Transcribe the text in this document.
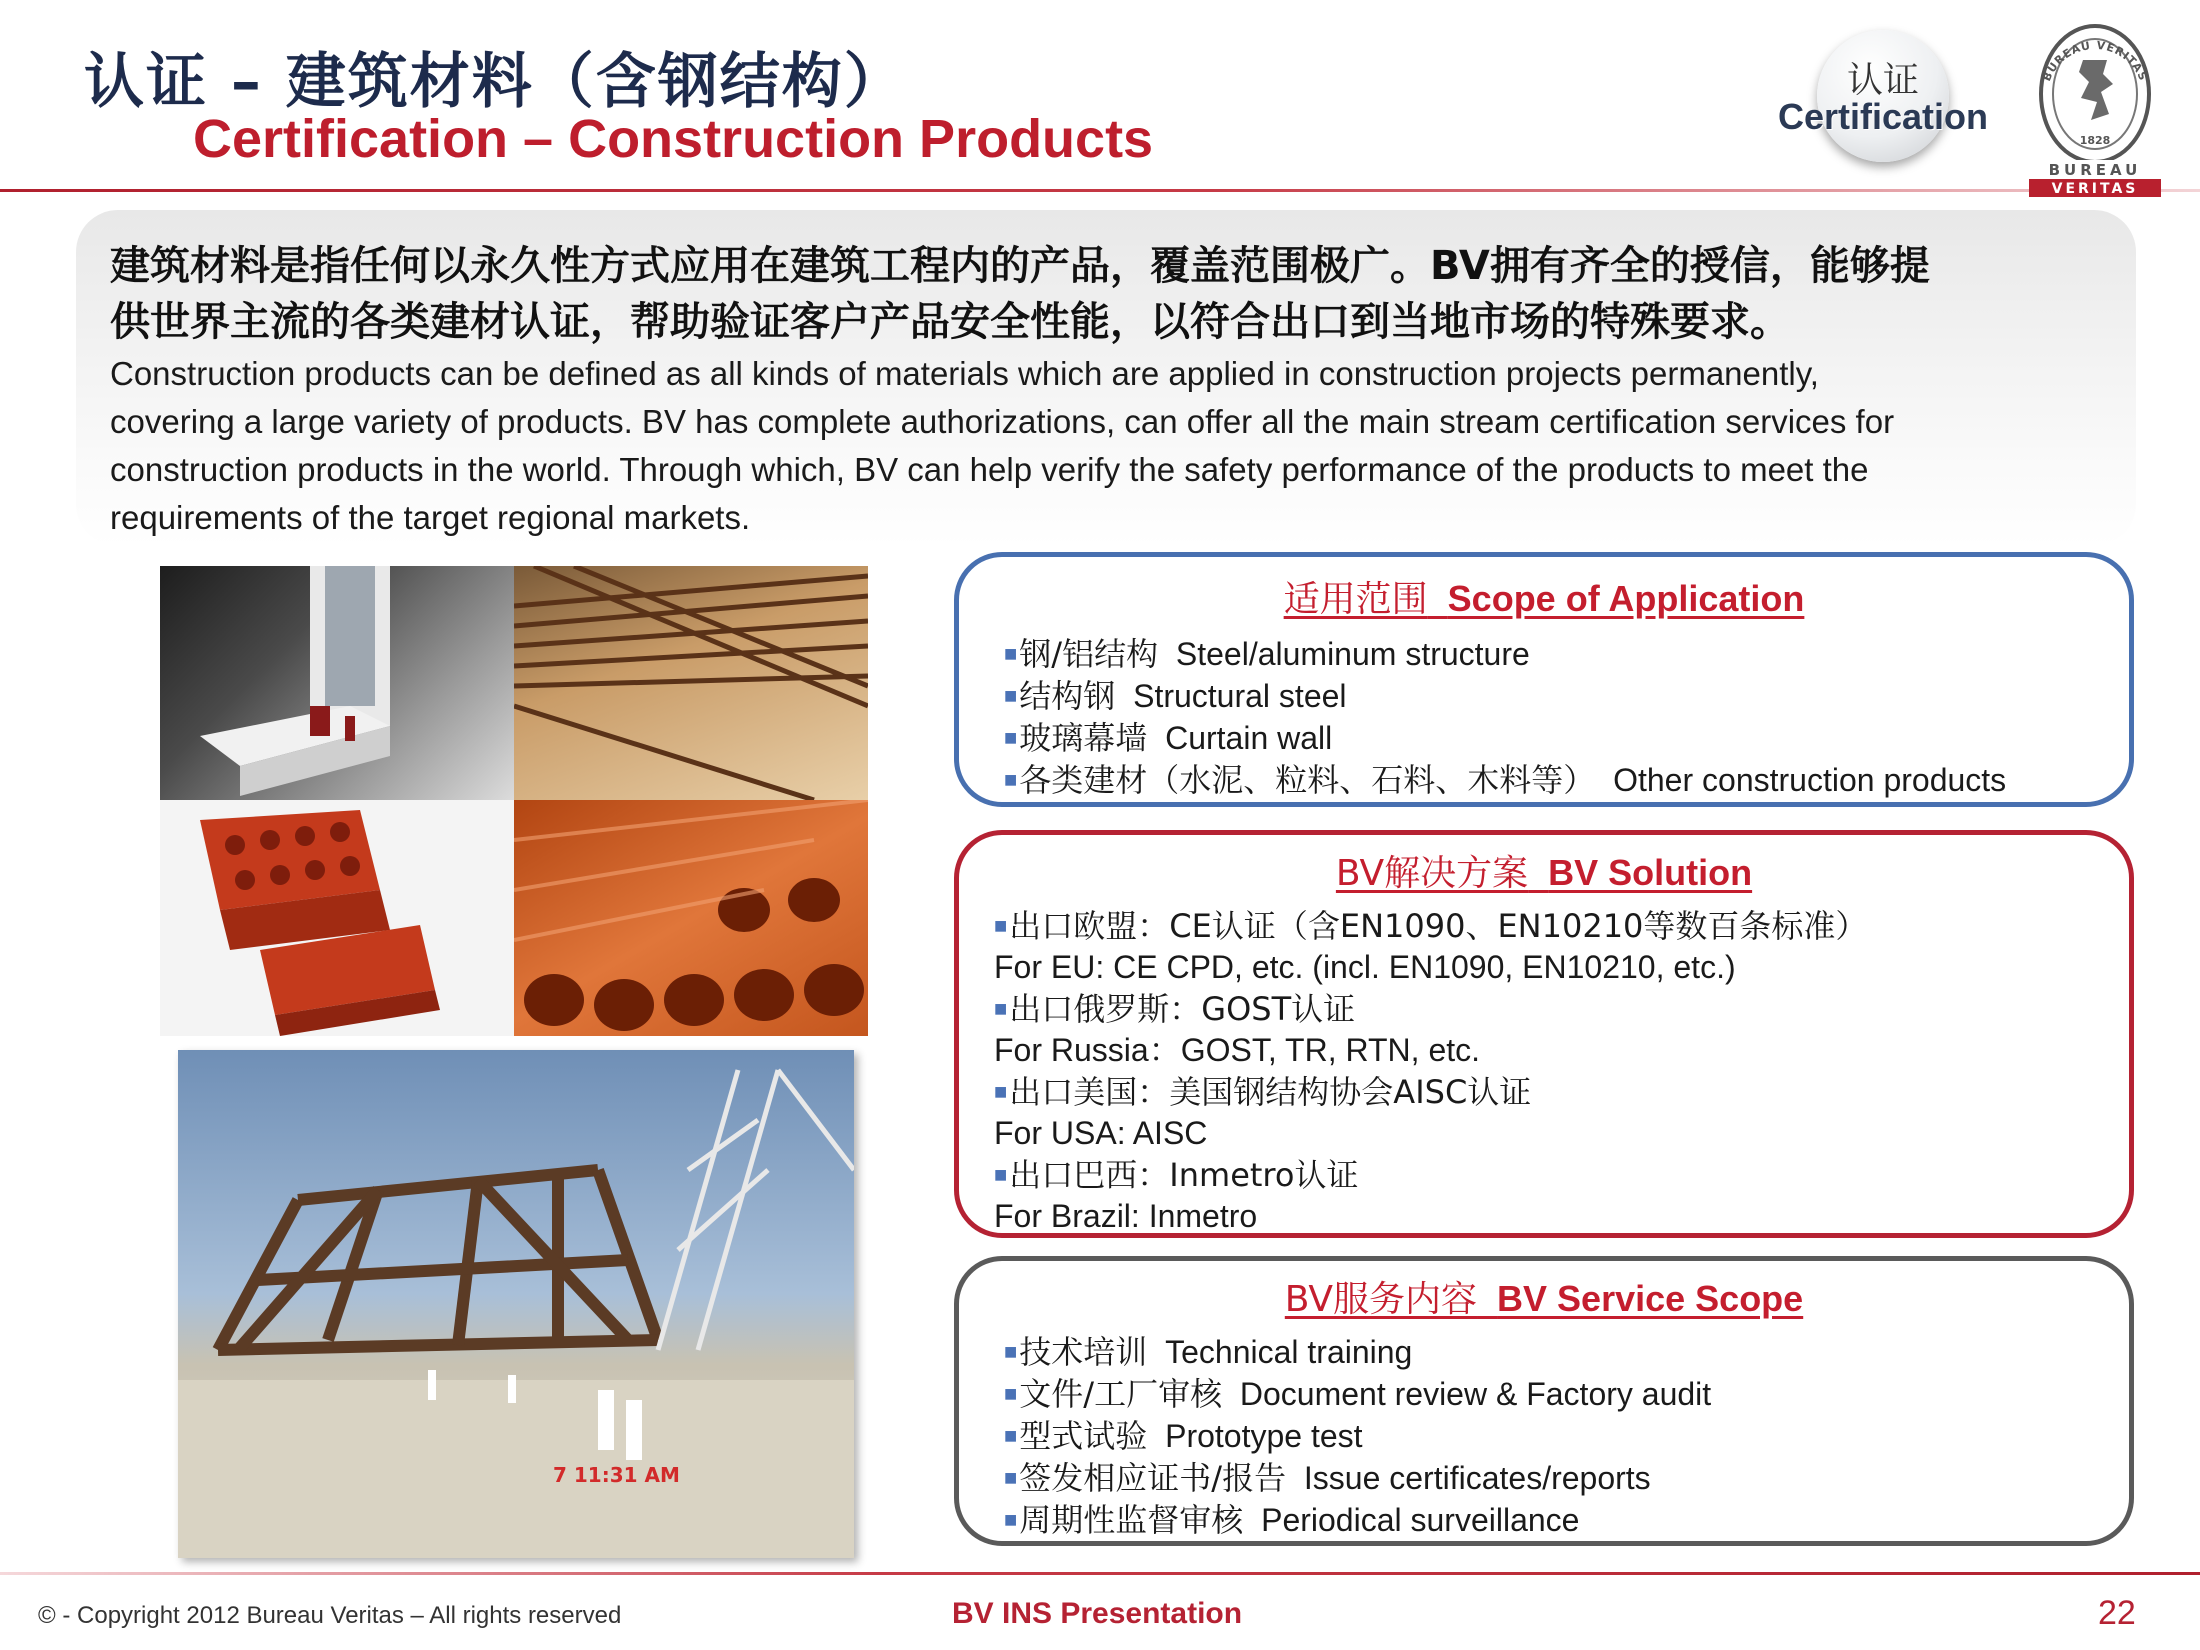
认证 – 建筑材料（含钢结构）
Certification – Construction Products
认证
Certification
BUREAU VERITAS
1828
BUREAU
VERITAS
建筑材料是指任何以永久性方式应用在建筑工程内的产品，覆盖范围极广。BV拥有齐全的授信，能够提
供世界主流的各类建材认证，帮助验证客户产品安全性能，以符合出口到当地市场的特殊要求。
Construction products can be defined as all kinds of materials which are applied in construction projects permanently,
covering a large variety of products. BV has complete authorizations, can offer all the main stream certification services for
construction products in the world. Through which, BV can help verify the safety performance of the products to meet the
requirements of the target regional markets.
7 11:31 AM
适用范围 Scope of Application
■钢/铝结构 Steel/aluminum structure
■结构钢 Structural steel
■玻璃幕墙 Curtain wall
■各类建材（水泥、粒料、石料、木料等） Other construction products
BV解决方案 BV Solution
■出口欧盟：CE认证（含EN1090、EN10210等数百条标准）
For EU: CE CPD, etc. (incl. EN1090, EN10210, etc.)
■出口俄罗斯：GOST认证
For Russia：GOST, TR, RTN, etc.
■出口美国：美国钢结构协会AISC认证
For USA: AISC
■出口巴西：Inmetro认证
For Brazil: Inmetro
BV服务内容 BV Service Scope
■技术培训 Technical training
■文件/工厂审核 Document review & Factory audit
■型式试验 Prototype test
■签发相应证书/报告 Issue certificates/reports
■周期性监督审核 Periodical surveillance
© - Copyright 2012 Bureau Veritas – All rights reserved	BV INS Presentation	22
